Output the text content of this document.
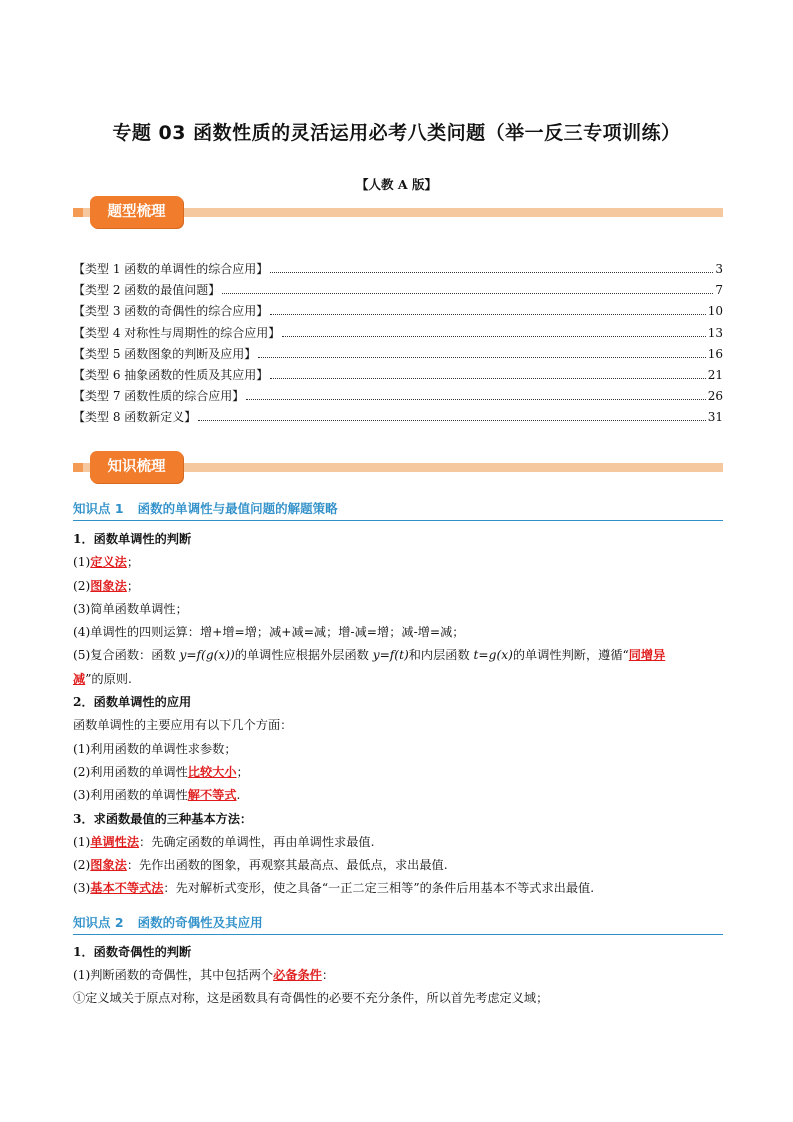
专题 03 函数性质的灵活运用必考八类问题（举一反三专项训练）
【人教 A 版】
题型梳理
【类型 1 函数的单调性的综合应用】	3
【类型 2 函数的最值问题】	7
【类型 3 函数的奇偶性的综合应用】	10
【类型 4 对称性与周期性的综合应用】	13
【类型 5 函数图象的判断及应用】	16
【类型 6 抽象函数的性质及其应用】	21
【类型 7 函数性质的综合应用】	26
【类型 8 函数新定义】	31
知识梳理
知识点 1 函数的单调性与最值问题的解题策略

1．函数单调性的判断

(1)定义法；

(2)图象法；

(3)简单函数单调性；

(4)单调性的四则运算：增+增=增；减+减=减；增-减=增；减-增=减；

(5)复合函数：函数 y=f(g(x))的单调性应根据外层函数 y=f(t)和内层函数 t=g(x)的单调性判断，遵循“同增异

减”的原则.

2．函数单调性的应用

函数单调性的主要应用有以下几个方面：

(1)利用函数的单调性求参数；

(2)利用函数的单调性比较大小；

(3)利用函数的单调性解不等式.

3．求函数最值的三种基本方法：

(1)单调性法：先确定函数的单调性，再由单调性求最值.

(2)图象法：先作出函数的图象，再观察其最高点、最低点，求出最值.

(3)基本不等式法：先对解析式变形，使之具备“一正二定三相等”的条件后用基本不等式求出最值.

知识点 2 函数的奇偶性及其应用

1．函数奇偶性的判断

(1)判断函数的奇偶性，其中包括两个必备条件：

①定义域关于原点对称，这是函数具有奇偶性的必要不充分条件，所以首先考虑定义域；
